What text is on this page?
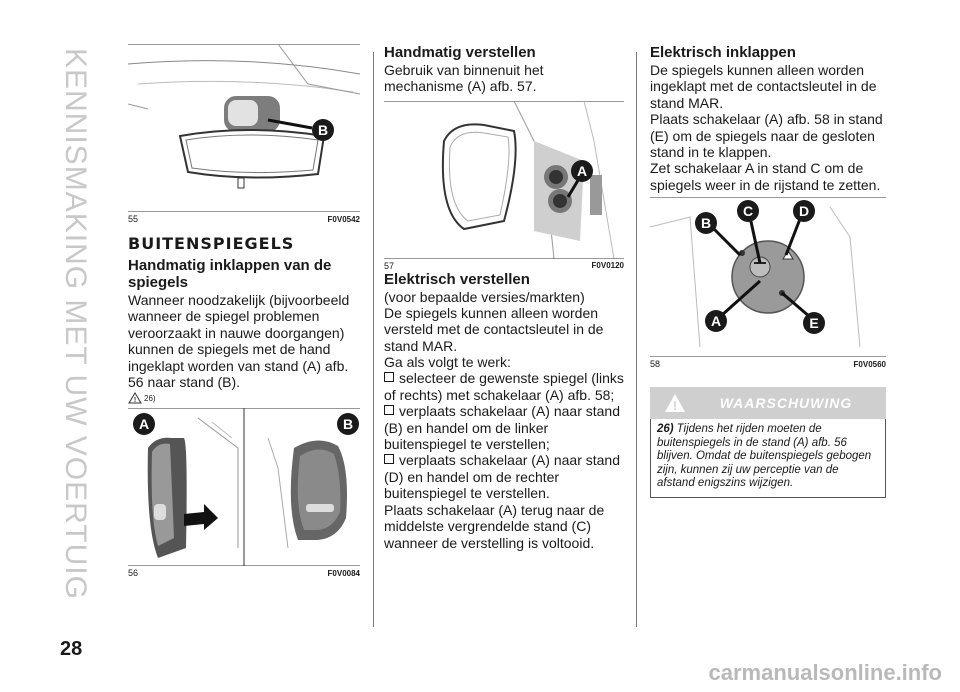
KENNISMAKING MET UW VOERTUIG	B
55	F0V0542
BUITENSPIEGELS
Handmatig inklappen van de spiegels

Wanneer noodzakelijk (bijvoorbeeld wanneer de spiegel problemen veroorzaakt in nauwe doorgangen) kunnen de spiegels met de hand ingeklapt worden van stand (A) afb. 56 naar stand (B).

! 26)
A	B
56	F0V0084
Handmatig verstellen

Gebruik van binnenuit het mechanisme (A) afb. 57.

A
57	F0V0120
Elektrisch verstellen

(voor bepaalde versies/markten)

De spiegels kunnen alleen worden versteld met de contactsleutel in de stand MAR.

Ga als volgt te werk:

selecteer de gewenste spiegel (links of rechts) met schakelaar (A) afb. 58;

verplaats schakelaar (A) naar stand (B) en handel om de linker buitenspiegel te verstellen;

verplaats schakelaar (A) naar stand (D) en handel om de rechter buitenspiegel te verstellen.

Plaats schakelaar (A) terug naar de middelste vergrendelde stand (C) wanneer de verstelling is voltooid.

Elektrisch inklappen

De spiegels kunnen alleen worden ingeklapt met de contactsleutel in de stand MAR.

Plaats schakelaar (A) afb. 58 in stand (E) om de spiegels naar de gesloten stand in te klappen.

Zet schakelaar A in stand C om de spiegels weer in de rijstand te zetten.

B
C	D
A	E
58	F0V0560
!	WAARSCHUWING
26) Tijdens het rijden moeten de buitenspiegels in de stand (A) afb. 56 blijven. Omdat de buitenspiegels gebogen zijn, kunnen zij uw perceptie van de afstand enigszins wijzigen.
28
carmanualsonline.info
